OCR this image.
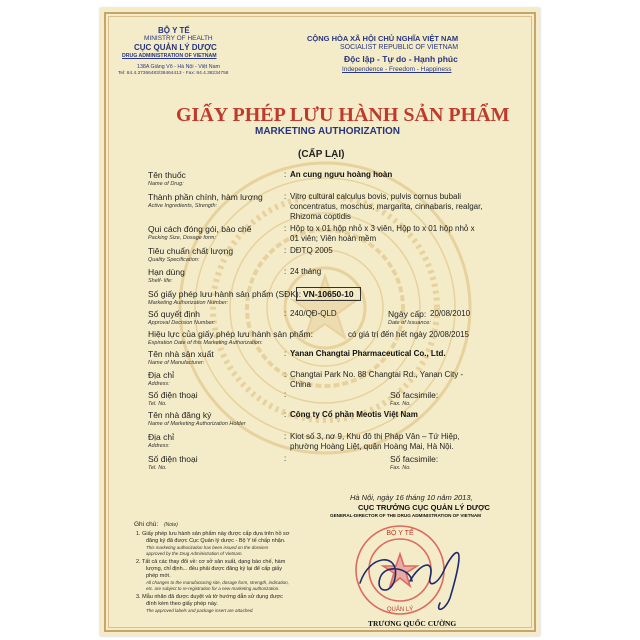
BỘ Y TẾ
MINISTRY OF HEALTH
CỤC QUẢN LÝ DƯỢC
DRUG ADMINISTRATION OF VIETNAM
138A Giảng Võ - Hà Nội - Việt Nam
Tel: 84.4.37366483/38464413 - Fax: 84.4.38234758
CỘNG HÒA XÃ HỘI CHỦ NGHĨA VIỆT NAM
SOCIALIST REPUBLIC OF VIETNAM
Độc lập - Tự do - Hạnh phúc
Independence - Freedom - Happiness
GIẤY PHÉP LƯU HÀNH SẢN PHẨM
MARKETING AUTHORIZATION
(CẤP LẠI)
Tên thuốc
Name of Drug:
: An cung ngưu hoàng hoàn
Thành phần chính, hàm lượng
Active Ingredients, Strength:
: Vitro cultural calculus bovis, pulvis cornus bubali
concentratus, moschus, margarita, cinnabaris, realgar,
Rhizoma coptidis
Qui cách đóng gói, bào chế
Packing Size, Dosage form:
: Hộp to x 01 hộp nhỏ x 3 viên, Hộp to x 01 hộp nhỏ x
01 viên; Viên hoàn mềm
Tiêu chuẩn chất lượng
Quality Specification:
: DĐTQ 2005
Hạn dùng
Shelf- life:
: 24 tháng
Số giấy phép lưu hành sản phẩm (SĐK):
Marketing Authorization Number:
VN-10650-10
Số quyết định
Approval Decision Number:
: 240/QĐ-QLD	Ngày cấp: 20/08/2010
Date of Issuance:
Hiệu lực của giấy phép lưu hành sản phẩm:	có giá trị đến hết ngày 20/08/2015
Expiration Date of this Marketing Authorization:
Tên nhà sản xuất
Name of Manufacturer:
: Yanan Changtai Pharmaceutical Co., Ltd.
Địa chỉ
Address:
: Changtai Park No. 88 Changtai Rd., Yanan City -
China
Số điện thoại
Tel. No.
:	Số facsimile:
Fax. No.
Tên nhà đăng ký
Name of Marketing Authorization Holder
: Công ty Cổ phần Meotis Việt Nam
Địa chỉ
Address:
: Kiot số 3, nơ 9, Khu đô thị Pháp Vân – Tứ Hiệp,
phường Hoàng Liệt, quận Hoàng Mai, Hà Nội.
Số điện thoại
Tel. No.
:	Số facsimile:
Fax. No.
Hà Nội, ngày 16 tháng 10 năm 2013,
CỤC TRƯỞNG CỤC QUẢN LÝ DƯỢC
GENERAL-DIRECTOR OF THE DRUG ADMINISTRATION OF VIETNAM
BỘ Y TẾ
QUẢN LÝ
TRƯƠNG QUỐC CƯỜNG
Ghi chú: (Note)
1. Giấy phép lưu hành sản phẩm này được cấp dựa trên hồ sơ
đăng ký đã được Cục Quản lý dược - Bộ Y tế chấp nhận.
This marketing authorization has been issued on the dossiers
approved by the Drug Administration of Vietnam.
2. Tất cả các thay đổi về: cơ sở sản xuất, dạng bào chế, hàm
lượng, chỉ định... đều phải được đăng ký lại để cấp giấy
phép mới.
All changes to the manufacturing site, dosage form, strength, indication,
etc. are subject to re-registration for a new marketing authorization.
3. Mẫu nhãn đã được duyệt và tờ hướng dẫn sử dụng được
đính kèm theo giấy phép này.
The approved labels and package insert are attached.
